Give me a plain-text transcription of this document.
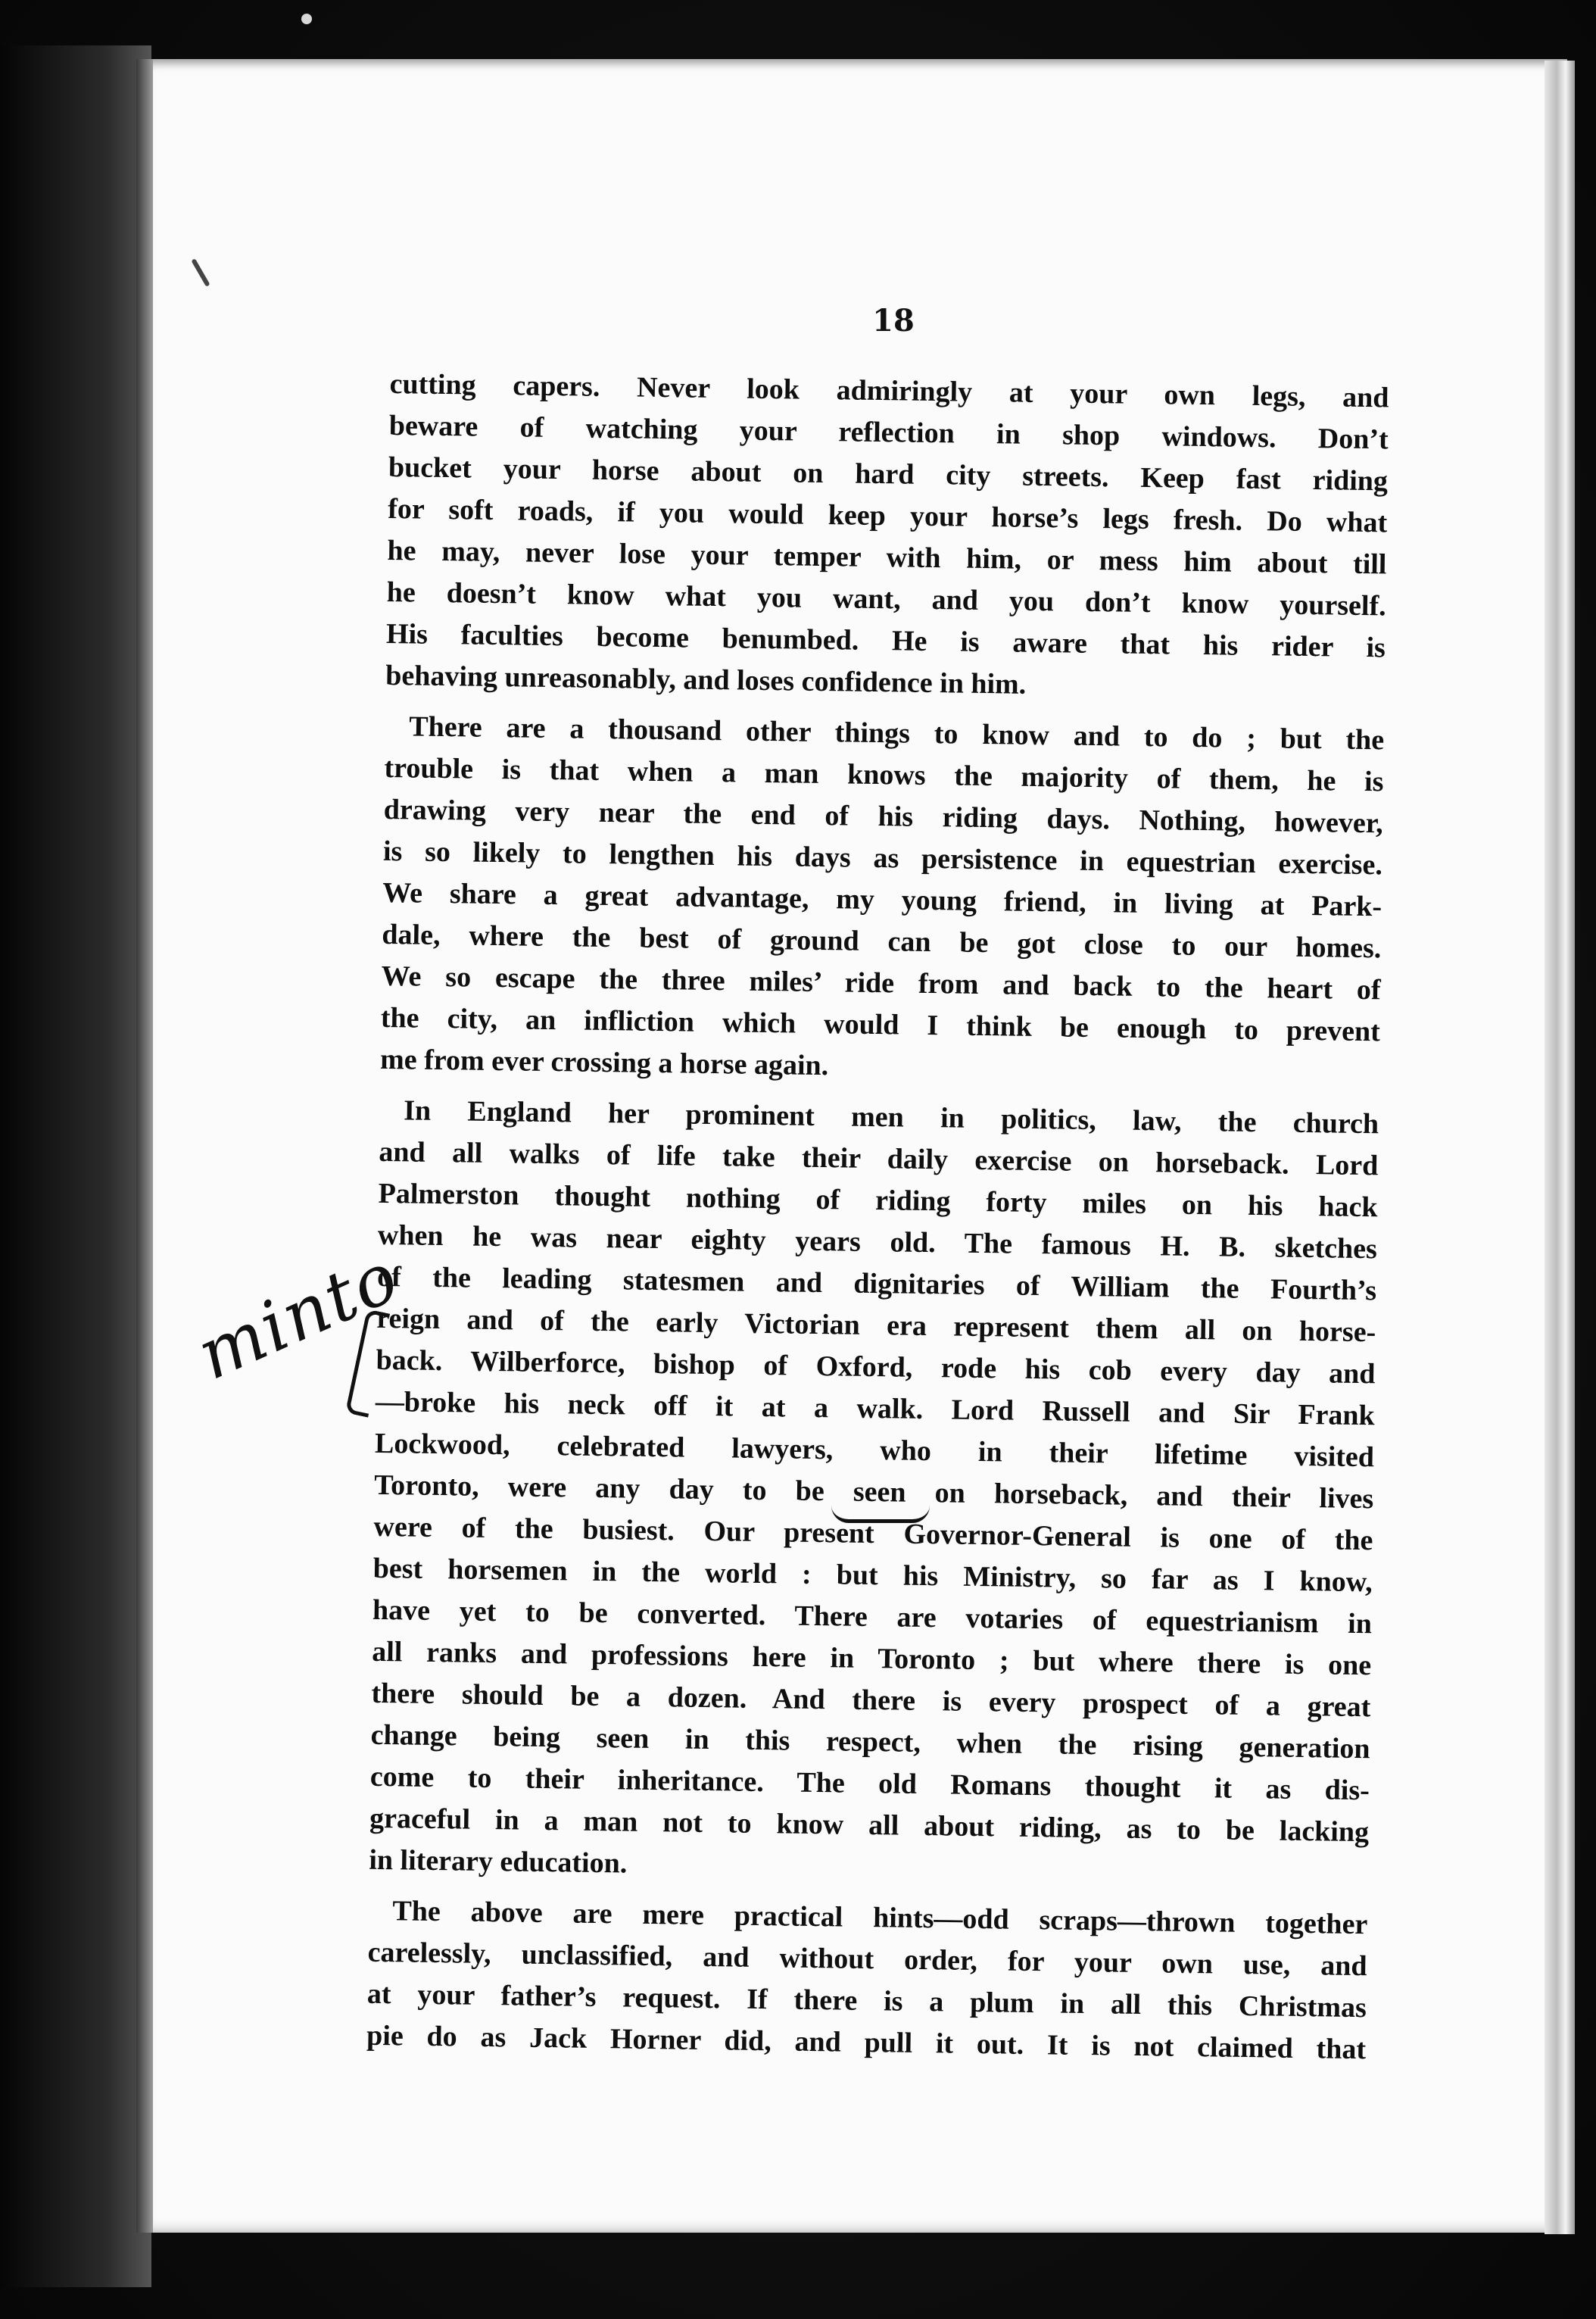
18
cutting capers. Never look admiringly at your own legs, and
beware of watching your reflection in shop windows. Don’t
bucket your horse about on hard city streets. Keep fast riding
for soft roads, if you would keep your horse’s legs fresh. Do what
he may, never lose your temper with him, or mess him about till
he doesn’t know what you want, and you don’t know yourself.
His faculties become benumbed. He is aware that his rider is
behaving unreasonably, and loses confidence in him.
There are a thousand other things to know and to do ; but the
trouble is that when a man knows the majority of them, he is
drawing very near the end of his riding days. Nothing, however,
is so likely to lengthen his days as persistence in equestrian exercise.
We share a great advantage, my young friend, in living at Park-
dale, where the best of ground can be got close to our homes.
We so escape the three miles’ ride from and back to the heart of
the city, an infliction which would I think be enough to prevent
me from ever crossing a horse again.
In England her prominent men in politics, law, the church
and all walks of life take their daily exercise on horseback. Lord
Palmerston thought nothing of riding forty miles on his hack
when he was near eighty years old. The famous H. B. sketches
of the leading statesmen and dignitaries of William the Fourth’s
reign and of the early Victorian era represent them all on horse-
back. Wilberforce, bishop of Oxford, rode his cob every day and
—broke his neck off it at a walk. Lord Russell and Sir Frank
Lockwood, celebrated lawyers, who in their lifetime visited
Toronto, were any day to be seen on horseback, and their lives
were of the busiest. Our present Governor-General is one of the
best horsemen in the world : but his Ministry, so far as I know,
have yet to be converted. There are votaries of equestrianism in
all ranks and professions here in Toronto ; but where there is one
there should be a dozen. And there is every prospect of a great
change being seen in this respect, when the rising generation
come to their inheritance. The old Romans thought it as dis-
graceful in a man not to know all about riding, as to be lacking
in literary education.
The above are mere practical hints—odd scraps—thrown together
carelessly, unclassified, and without order, for your own use, and
at your father’s request. If there is a plum in all this Christmas
pie do as Jack Horner did, and pull it out. It is not claimed that
minto
